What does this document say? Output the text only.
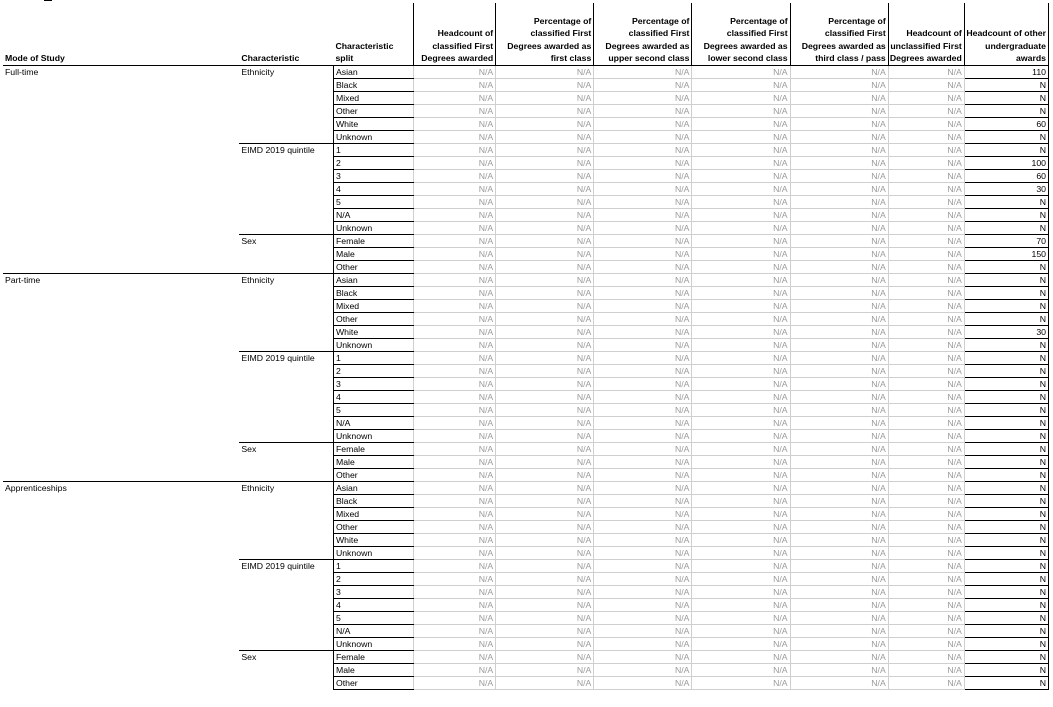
Mode of Study	Characteristic	Characteristic split	Headcount of classified First Degrees awarded	Percentage of classified First Degrees awarded as first class	Percentage of classified First Degrees awarded as upper second class	Percentage of classified First Degrees awarded as lower second class	Percentage of classified First Degrees awarded as third class / pass	Headcount of unclassified First Degrees awarded	Headcount of other undergraduate awards
Full-time	Ethnicity	Asian	N/A	N/A	N/A	N/A	N/A	N/A	110
		Black	N/A	N/A	N/A	N/A	N/A	N/A	N
		Mixed	N/A	N/A	N/A	N/A	N/A	N/A	N
		Other	N/A	N/A	N/A	N/A	N/A	N/A	N
		White	N/A	N/A	N/A	N/A	N/A	N/A	60
		Unknown	N/A	N/A	N/A	N/A	N/A	N/A	N
	EIMD 2019 quintile	1	N/A	N/A	N/A	N/A	N/A	N/A	N
		2	N/A	N/A	N/A	N/A	N/A	N/A	100
		3	N/A	N/A	N/A	N/A	N/A	N/A	60
		4	N/A	N/A	N/A	N/A	N/A	N/A	30
		5	N/A	N/A	N/A	N/A	N/A	N/A	N
		N/A	N/A	N/A	N/A	N/A	N/A	N/A	N
		Unknown	N/A	N/A	N/A	N/A	N/A	N/A	N
	Sex	Female	N/A	N/A	N/A	N/A	N/A	N/A	70
		Male	N/A	N/A	N/A	N/A	N/A	N/A	150
		Other	N/A	N/A	N/A	N/A	N/A	N/A	N
Part-time	Ethnicity	Asian	N/A	N/A	N/A	N/A	N/A	N/A	N
		Black	N/A	N/A	N/A	N/A	N/A	N/A	N
		Mixed	N/A	N/A	N/A	N/A	N/A	N/A	N
		Other	N/A	N/A	N/A	N/A	N/A	N/A	N
		White	N/A	N/A	N/A	N/A	N/A	N/A	30
		Unknown	N/A	N/A	N/A	N/A	N/A	N/A	N
	EIMD 2019 quintile	1	N/A	N/A	N/A	N/A	N/A	N/A	N
		2	N/A	N/A	N/A	N/A	N/A	N/A	N
		3	N/A	N/A	N/A	N/A	N/A	N/A	N
		4	N/A	N/A	N/A	N/A	N/A	N/A	N
		5	N/A	N/A	N/A	N/A	N/A	N/A	N
		N/A	N/A	N/A	N/A	N/A	N/A	N/A	N
		Unknown	N/A	N/A	N/A	N/A	N/A	N/A	N
	Sex	Female	N/A	N/A	N/A	N/A	N/A	N/A	N
		Male	N/A	N/A	N/A	N/A	N/A	N/A	N
		Other	N/A	N/A	N/A	N/A	N/A	N/A	N
Apprenticeships	Ethnicity	Asian	N/A	N/A	N/A	N/A	N/A	N/A	N
		Black	N/A	N/A	N/A	N/A	N/A	N/A	N
		Mixed	N/A	N/A	N/A	N/A	N/A	N/A	N
		Other	N/A	N/A	N/A	N/A	N/A	N/A	N
		White	N/A	N/A	N/A	N/A	N/A	N/A	N
		Unknown	N/A	N/A	N/A	N/A	N/A	N/A	N
	EIMD 2019 quintile	1	N/A	N/A	N/A	N/A	N/A	N/A	N
		2	N/A	N/A	N/A	N/A	N/A	N/A	N
		3	N/A	N/A	N/A	N/A	N/A	N/A	N
		4	N/A	N/A	N/A	N/A	N/A	N/A	N
		5	N/A	N/A	N/A	N/A	N/A	N/A	N
		N/A	N/A	N/A	N/A	N/A	N/A	N/A	N
		Unknown	N/A	N/A	N/A	N/A	N/A	N/A	N
	Sex	Female	N/A	N/A	N/A	N/A	N/A	N/A	N
		Male	N/A	N/A	N/A	N/A	N/A	N/A	N
		Other	N/A	N/A	N/A	N/A	N/A	N/A	N
